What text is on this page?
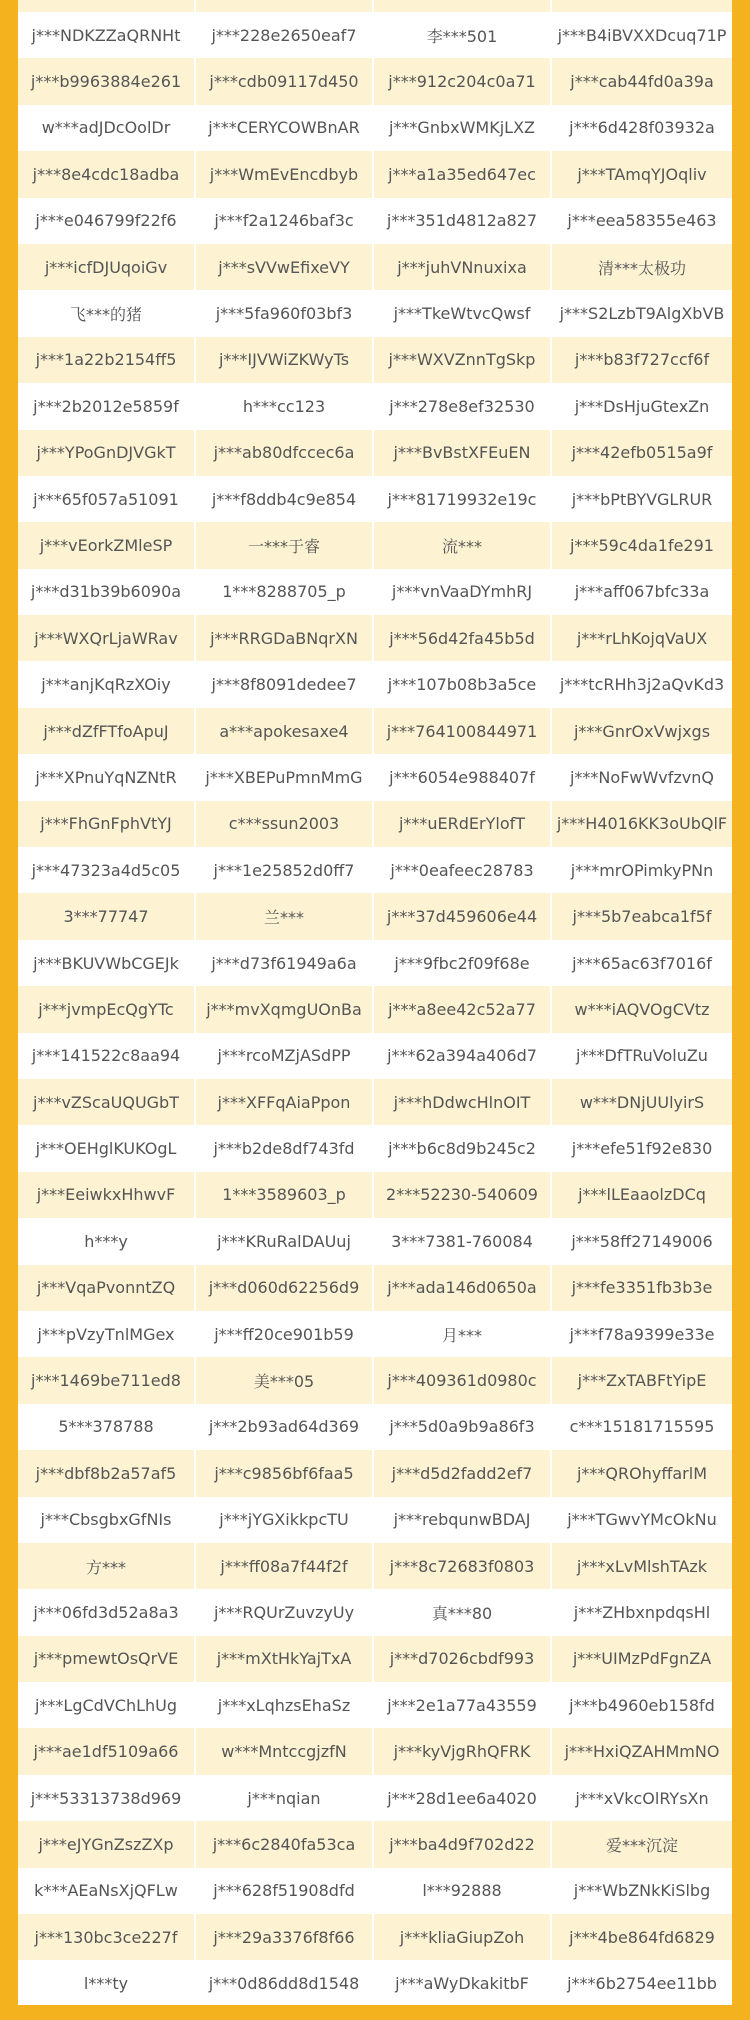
j***NDKZZaQRNHt	j***228e2650eaf7	李***501	j***B4iBVXXDcuq71P
j***b9963884e261	j***cdb09117d450	j***912c204c0a71	j***cab44fd0a39a
w***adJDcOolDr	j***CERYCOWBnAR	j***GnbxWMKjLXZ	j***6d428f03932a
j***8e4cdc18adba	j***WmEvEncdbyb	j***a1a35ed647ec	j***TAmqYJOqliv
j***e046799f22f6	j***f2a1246baf3c	j***351d4812a827	j***eea58355e463
j***icfDJUqoiGv	j***sVVwEfixeVY	j***juhVNnuxixa	清***太极功
飞***的猪	j***5fa960f03bf3	j***TkeWtvcQwsf	j***S2LzbT9AlgXbVB
j***1a22b2154ff5	j***IJVWiZKWyTs	j***WXVZnnTgSkp	j***b83f727ccf6f
j***2b2012e5859f	h***cc123	j***278e8ef32530	j***DsHjuGtexZn
j***YPoGnDJVGkT	j***ab80dfccec6a	j***BvBstXFEuEN	j***42efb0515a9f
j***65f057a51091	j***f8ddb4c9e854	j***81719932e19c	j***bPtBYVGLRUR
j***vEorkZMleSP	一***于睿	流***	j***59c4da1fe291
j***d31b39b6090a	1***8288705_p	j***vnVaaDYmhRJ	j***aff067bfc33a
j***WXQrLjaWRav	j***RRGDaBNqrXN	j***56d42fa45b5d	j***rLhKojqVaUX
j***anjKqRzXOiy	j***8f8091dedee7	j***107b08b3a5ce	j***tcRHh3j2aQvKd3
j***dZfFTfoApuJ	a***apokesaxe4	j***764100844971	j***GnrOxVwjxgs
j***XPnuYqNZNtR	j***XBEPuPmnMmG	j***6054e988407f	j***NoFwWvfzvnQ
j***FhGnFphVtYJ	c***ssun2003	j***uERdErYlofT	j***H4016KK3oUbQlF
j***47323a4d5c05	j***1e25852d0ff7	j***0eafeec28783	j***mrOPimkyPNn
3***77747	兰***	j***37d459606e44	j***5b7eabca1f5f
j***BKUVWbCGEJk	j***d73f61949a6a	j***9fbc2f09f68e	j***65ac63f7016f
j***jvmpEcQgYTc	j***mvXqmgUOnBa	j***a8ee42c52a77	w***iAQVOgCVtz
j***141522c8aa94	j***rcoMZjASdPP	j***62a394a406d7	j***DfTRuVoluZu
j***vZScaUQUGbT	j***XFFqAiaPpon	j***hDdwcHlnOIT	w***DNjUUlyirS
j***OEHglKUKOgL	j***b2de8df743fd	j***b6c8d9b245c2	j***efe51f92e830
j***EeiwkxHhwvF	1***3589603_p	2***52230-540609	j***lLEaaolzDCq
h***y	j***KRuRalDAUuj	3***7381-760084	j***58ff27149006
j***VqaPvonntZQ	j***d060d62256d9	j***ada146d0650a	j***fe3351fb3b3e
j***pVzyTnlMGex	j***ff20ce901b59	月***	j***f78a9399e33e
j***1469be711ed8	美***05	j***409361d0980c	j***ZxTABFtYipE
5***378788	j***2b93ad64d369	j***5d0a9b9a86f3	c***15181715595
j***dbf8b2a57af5	j***c9856bf6faa5	j***d5d2fadd2ef7	j***QROhyffarlM
j***CbsgbxGfNIs	j***jYGXikkpcTU	j***rebqunwBDAJ	j***TGwvYMcOkNu
方***	j***ff08a7f44f2f	j***8c72683f0803	j***xLvMlshTAzk
j***06fd3d52a8a3	j***RQUrZuvzyUy	真***80	j***ZHbxnpdqsHl
j***pmewtOsQrVE	j***mXtHkYajTxA	j***d7026cbdf993	j***UIMzPdFgnZA
j***LgCdVChLhUg	j***xLqhzsEhaSz	j***2e1a77a43559	j***b4960eb158fd
j***ae1df5109a66	w***MntccgjzfN	j***kyVjgRhQFRK	j***HxiQZAHMmNO
j***53313738d969	j***nqian	j***28d1ee6a4020	j***xVkcOlRYsXn
j***eJYGnZszZXp	j***6c2840fa53ca	j***ba4d9f702d22	爱***沉淀
k***AEaNsXjQFLw	j***628f51908dfd	l***92888	j***WbZNkKiSlbg
j***130bc3ce227f	j***29a3376f8f66	j***kliaGiupZoh	j***4be864fd6829
l***ty	j***0d86dd8d1548	j***aWyDkakitbF	j***6b2754ee11bb
